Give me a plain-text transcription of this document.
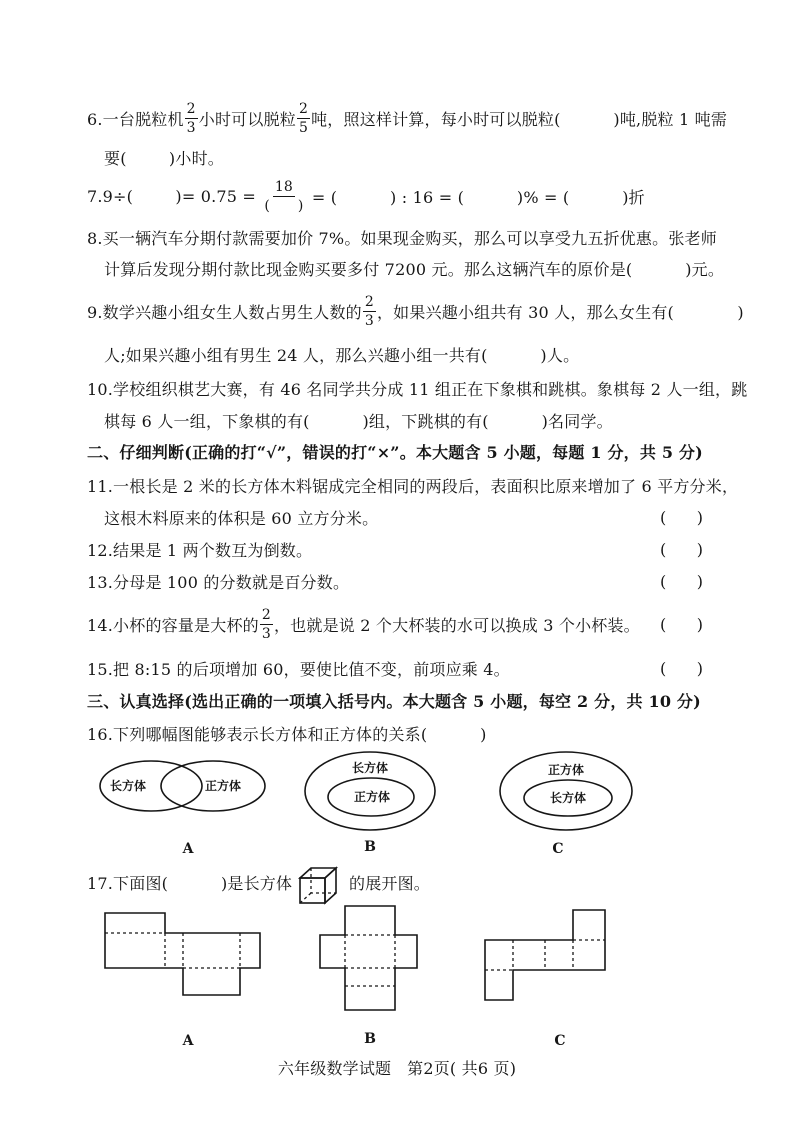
6.一台脱粒机 $\frac{2}{3}$ 小时可以脱粒 $\frac{2}{5}$ 吨，照这样计算，每小时可以脱粒(          )吨,脱粒 1 吨需
要(        )小时。
7.9÷(        )= $0.75 = \frac{18}{( )}$ = (          ) : 16 = (          )% = (          )折
8.买一辆汽车分期付款需要加价 7%。如果现金购买，那么可以享受九五折优惠。张老师
计算后发现分期付款比现金购买要多付 7200 元。那么这辆汽车的原价是(          )元。
9.数学兴趣小组女生人数占男生人数的 $\frac{2}{3}$ ，如果兴趣小组共有 30 人，那么女生有(            )
人;如果兴趣小组有男生 24 人，那么兴趣小组一共有(          )人。
10.学校组织棋艺大赛，有 46 名同学共分成 11 组正在下象棋和跳棋。象棋每 2 人一组，跳
棋每 6 人一组，下象棋的有(          )组，下跳棋的有(          )名同学。
二、仔细判断(正确的打“√”，错误的打“×”。本大题含 5 小题，每题 1 分，共 5 分)
11.一根长是 2 米的长方体木料锯成完全相同的两段后，表面积比原来增加了 6 平方分米，
这根木料原来的体积是 60 立方分米。	(      )
12.结果是 1 两个数互为倒数。	(      )
13.分母是 100 的分数就是百分数。	(      )
14.小杯的容量是大杯的 $\frac{2}{3}$ ，也就是说 2 个大杯装的水可以换成 3 个小杯装。 (      )
15.把 8:15 的后项增加 60，要使比值不变，前项应乘 4。	(      )
三、认真选择(选出正确的一项填入括号内。本大题含 5 小题，每空 2 分，共 10 分)
16.下列哪幅图能够表示长方体和正方体的关系(          )
17.下面图(          )是长方体	的展开图。
六年级数学试题   第2页( 共6 页)
长方体	正方体
A
长方体
正方体
B
正方体
长方体
C
A	B	C
